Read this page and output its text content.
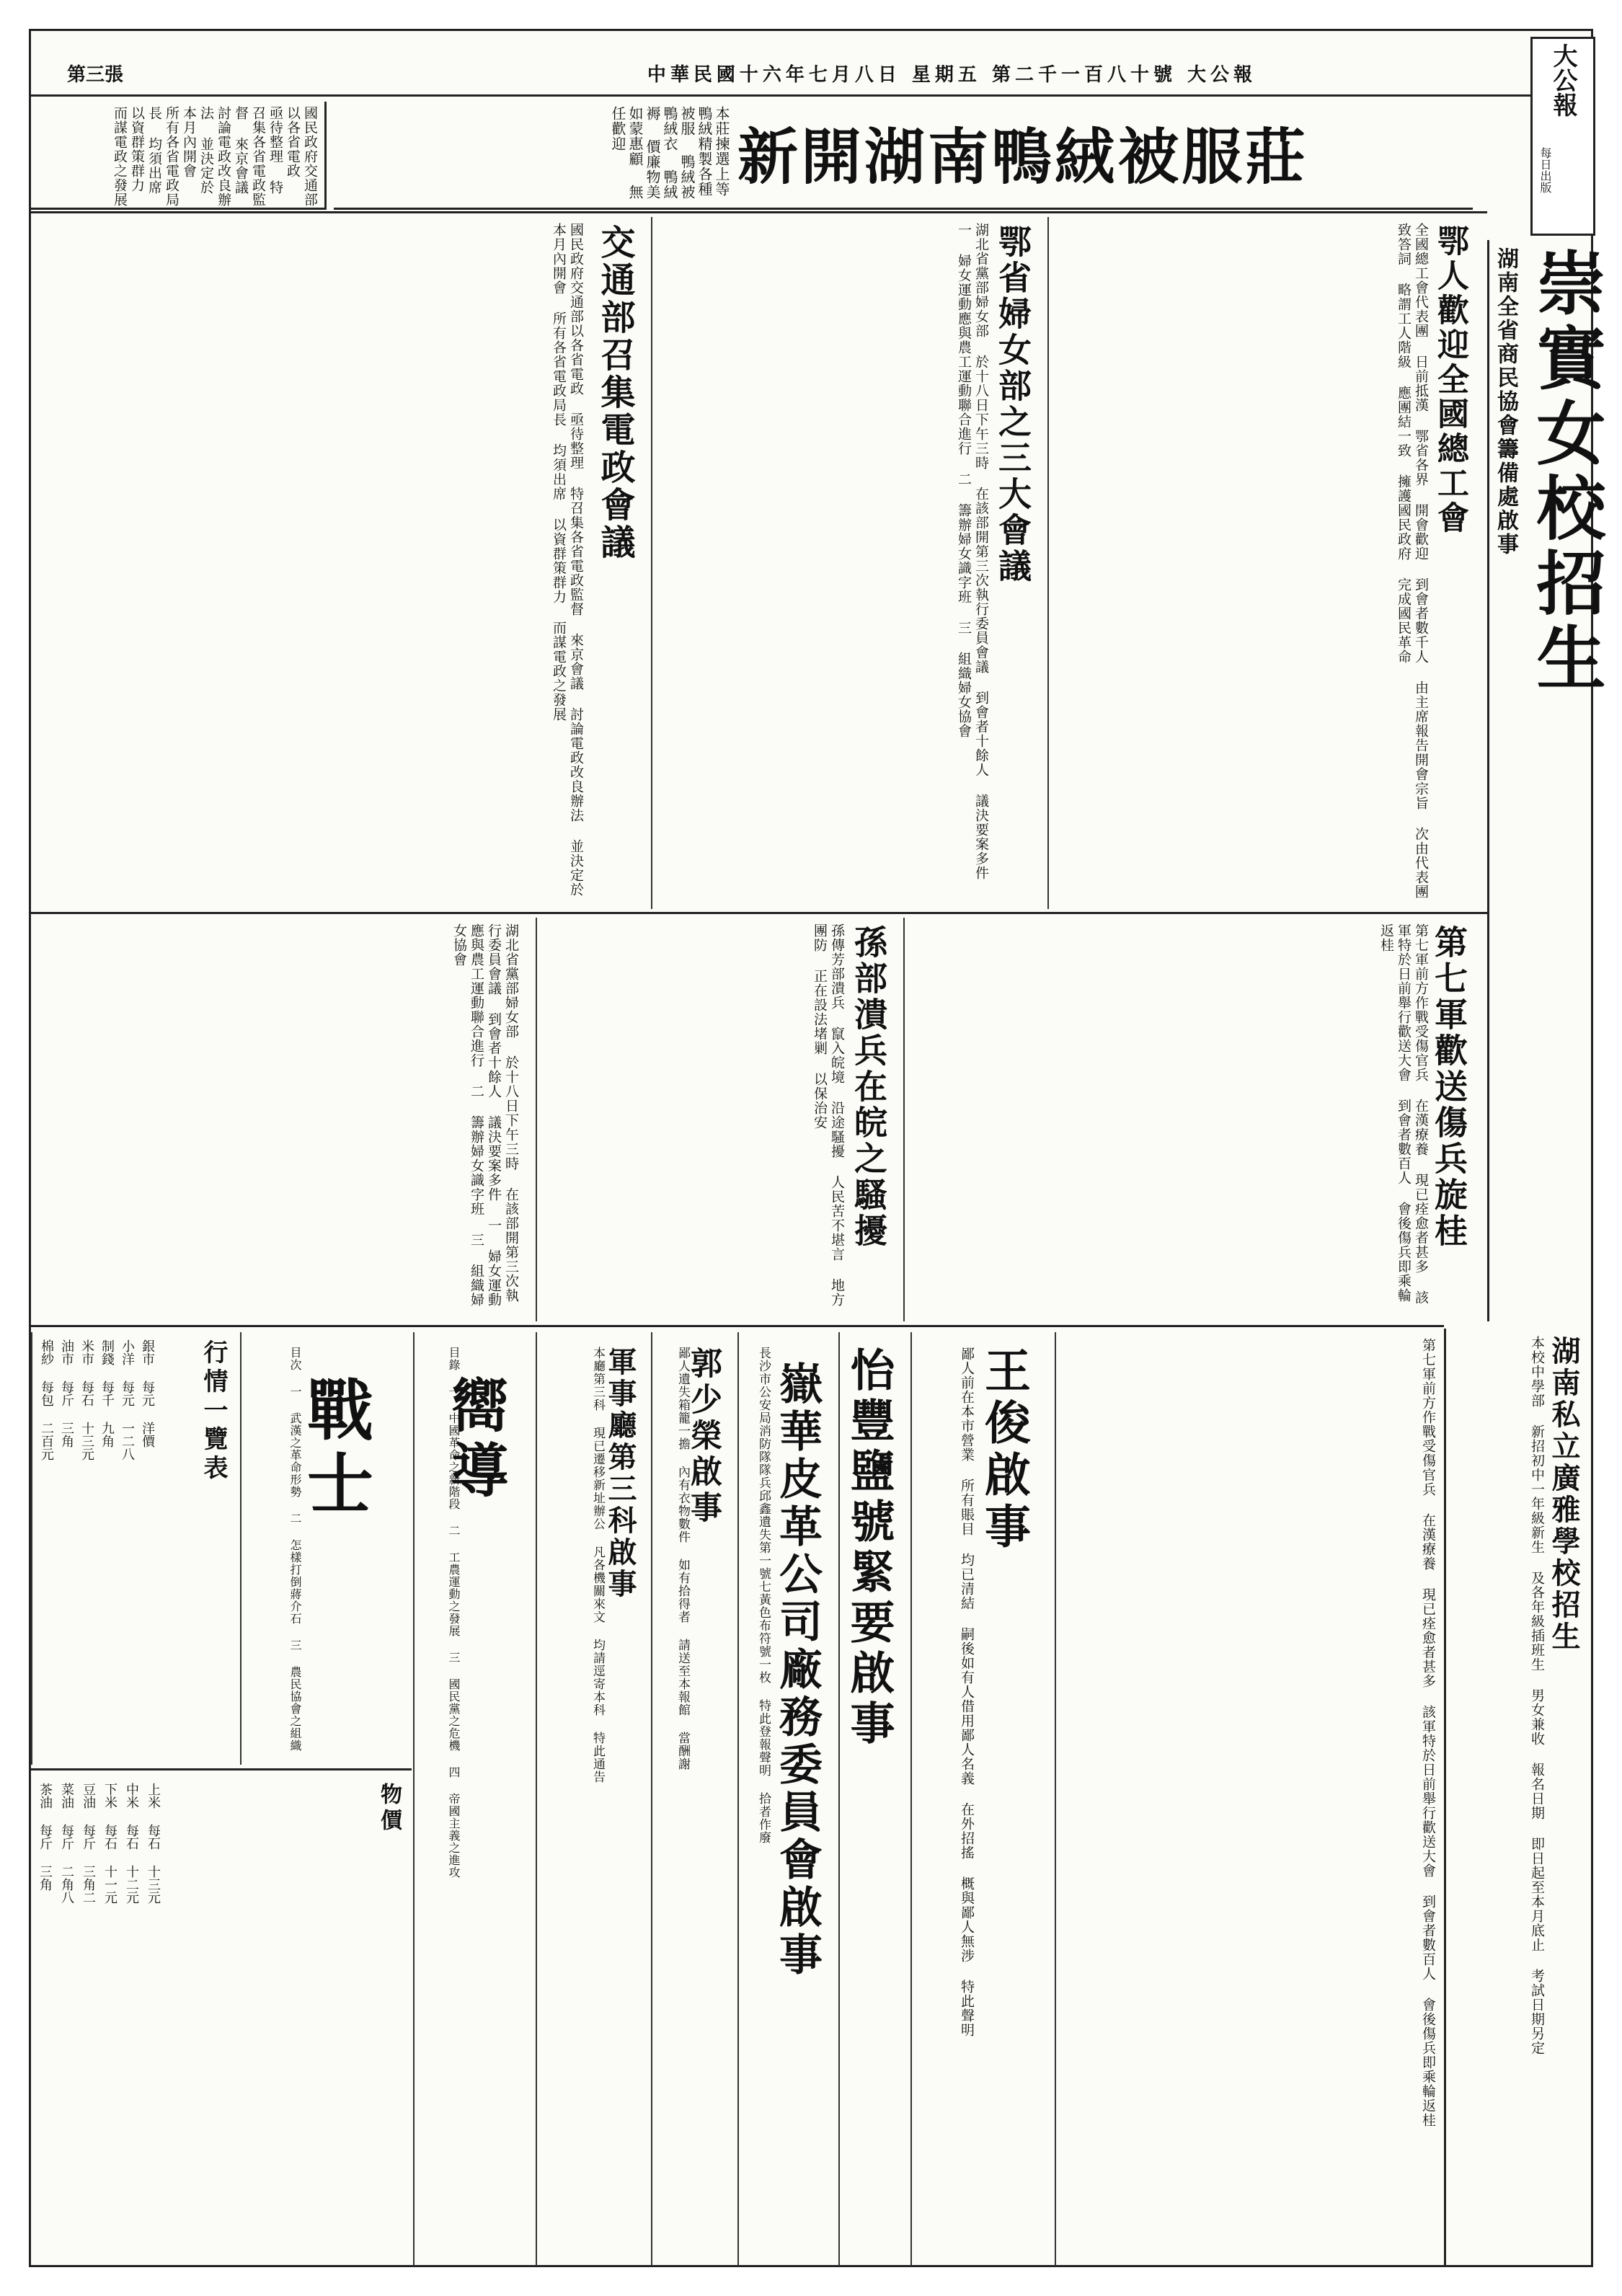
中華民國十六年七月八日 星期五 第二千一百八十號 大公報
第三張	大公報
每日出版
新開湖南鴨絨被服莊
本莊揀選上等鴨絨精製各種被服 鴨絨被 鴨絨衣 鴨絨褥 價廉物美 如蒙惠顧 無任歡迎
國民政府交通部以各省電政 亟待整理 特召集各省電政監督 來京會議 討論電政改良辦法 並決定於本月內開會 所有各省電政局長 均須出席 以資群策群力 而謀電政之發展
崇實女校招生
湖南全省商民協會籌備處啟事
湖南私立廣雅學校招生
本校中學部 新招初中一年級新生 及各年級插班生 男女兼收 報名日期 即日起至本月底止 考試日期另定
鄂人歡迎全國總工會
全國總工會代表團 日前抵漢 鄂省各界 開會歡迎 到會者數千人 由主席報告開會宗旨 次由代表團致答詞 略謂工人階級 應團結一致 擁護國民政府 完成國民革命
鄂省婦女部之三大會議
湖北省黨部婦女部 於十八日下午三時 在該部開第三次執行委員會議 到會者十餘人 議決要案多件 一 婦女運動應與農工運動聯合進行 二 籌辦婦女識字班 三 組織婦女協會
交通部召集電政會議
國民政府交通部以各省電政 亟待整理 特召集各省電政監督 來京會議 討論電政改良辦法 並決定於本月內開會 所有各省電政局長 均須出席 以資群策群力 而謀電政之發展
第七軍歡送傷兵旋桂
第七軍前方作戰受傷官兵 在漢療養 現已痊愈者甚多 該軍特於日前舉行歡送大會 到會者數百人 會後傷兵即乘輪返桂
孫部潰兵在皖之騷擾
孫傳芳部潰兵 竄入皖境 沿途騷擾 人民苦不堪言 地方團防 正在設法堵剿 以保治安
湖北省黨部婦女部 於十八日下午三時 在該部開第三次執行委員會議 到會者十餘人 議決要案多件 一 婦女運動應與農工運動聯合進行 二 籌辦婦女識字班 三 組織婦女協會
第七軍前方作戰受傷官兵 在漢療養 現已痊愈者甚多 該軍特於日前舉行歡送大會 到會者數百人 會後傷兵即乘輪返桂
王俊啟事
鄙人前在本市營業 所有賬目 均已清結 嗣後如有人借用鄙人名義 在外招搖 概與鄙人無涉 特此聲明
怡豐鹽號緊要啟事
嶽華皮革公司廠務委員會啟事
長沙市公安局消防隊隊兵邱鑫遺失第一號七黃色布符號一枚 特此登報聲明 拾者作廢
郭少榮啟事
鄙人遺失箱籠一擔 內有衣物數件 如有拾得者 請送至本報館 當酬謝
軍事廳第三科啟事
本廳第三科 現已遷移新址辦公 凡各機關來文 均請逕寄本科 特此通告
嚮導
目錄 一 中國革命之新階段 二 工農運動之發展 三 國民黨之危機 四 帝國主義之進攻
戰士
目次 一 武漢之革命形勢 二 怎樣打倒蔣介石 三 農民協會之組織
行情一覽表
銀市 每元 洋價
小洋 每元 一二八
制錢 每千 九角
米市 每石 十三元
油市 每斤 三角
棉紗 每包 二百元
物價
上米 每石 十三元
中米 每石 十二元
下米 每石 十一元
豆油 每斤 三角二
菜油 每斤 二角八
茶油 每斤 三角
